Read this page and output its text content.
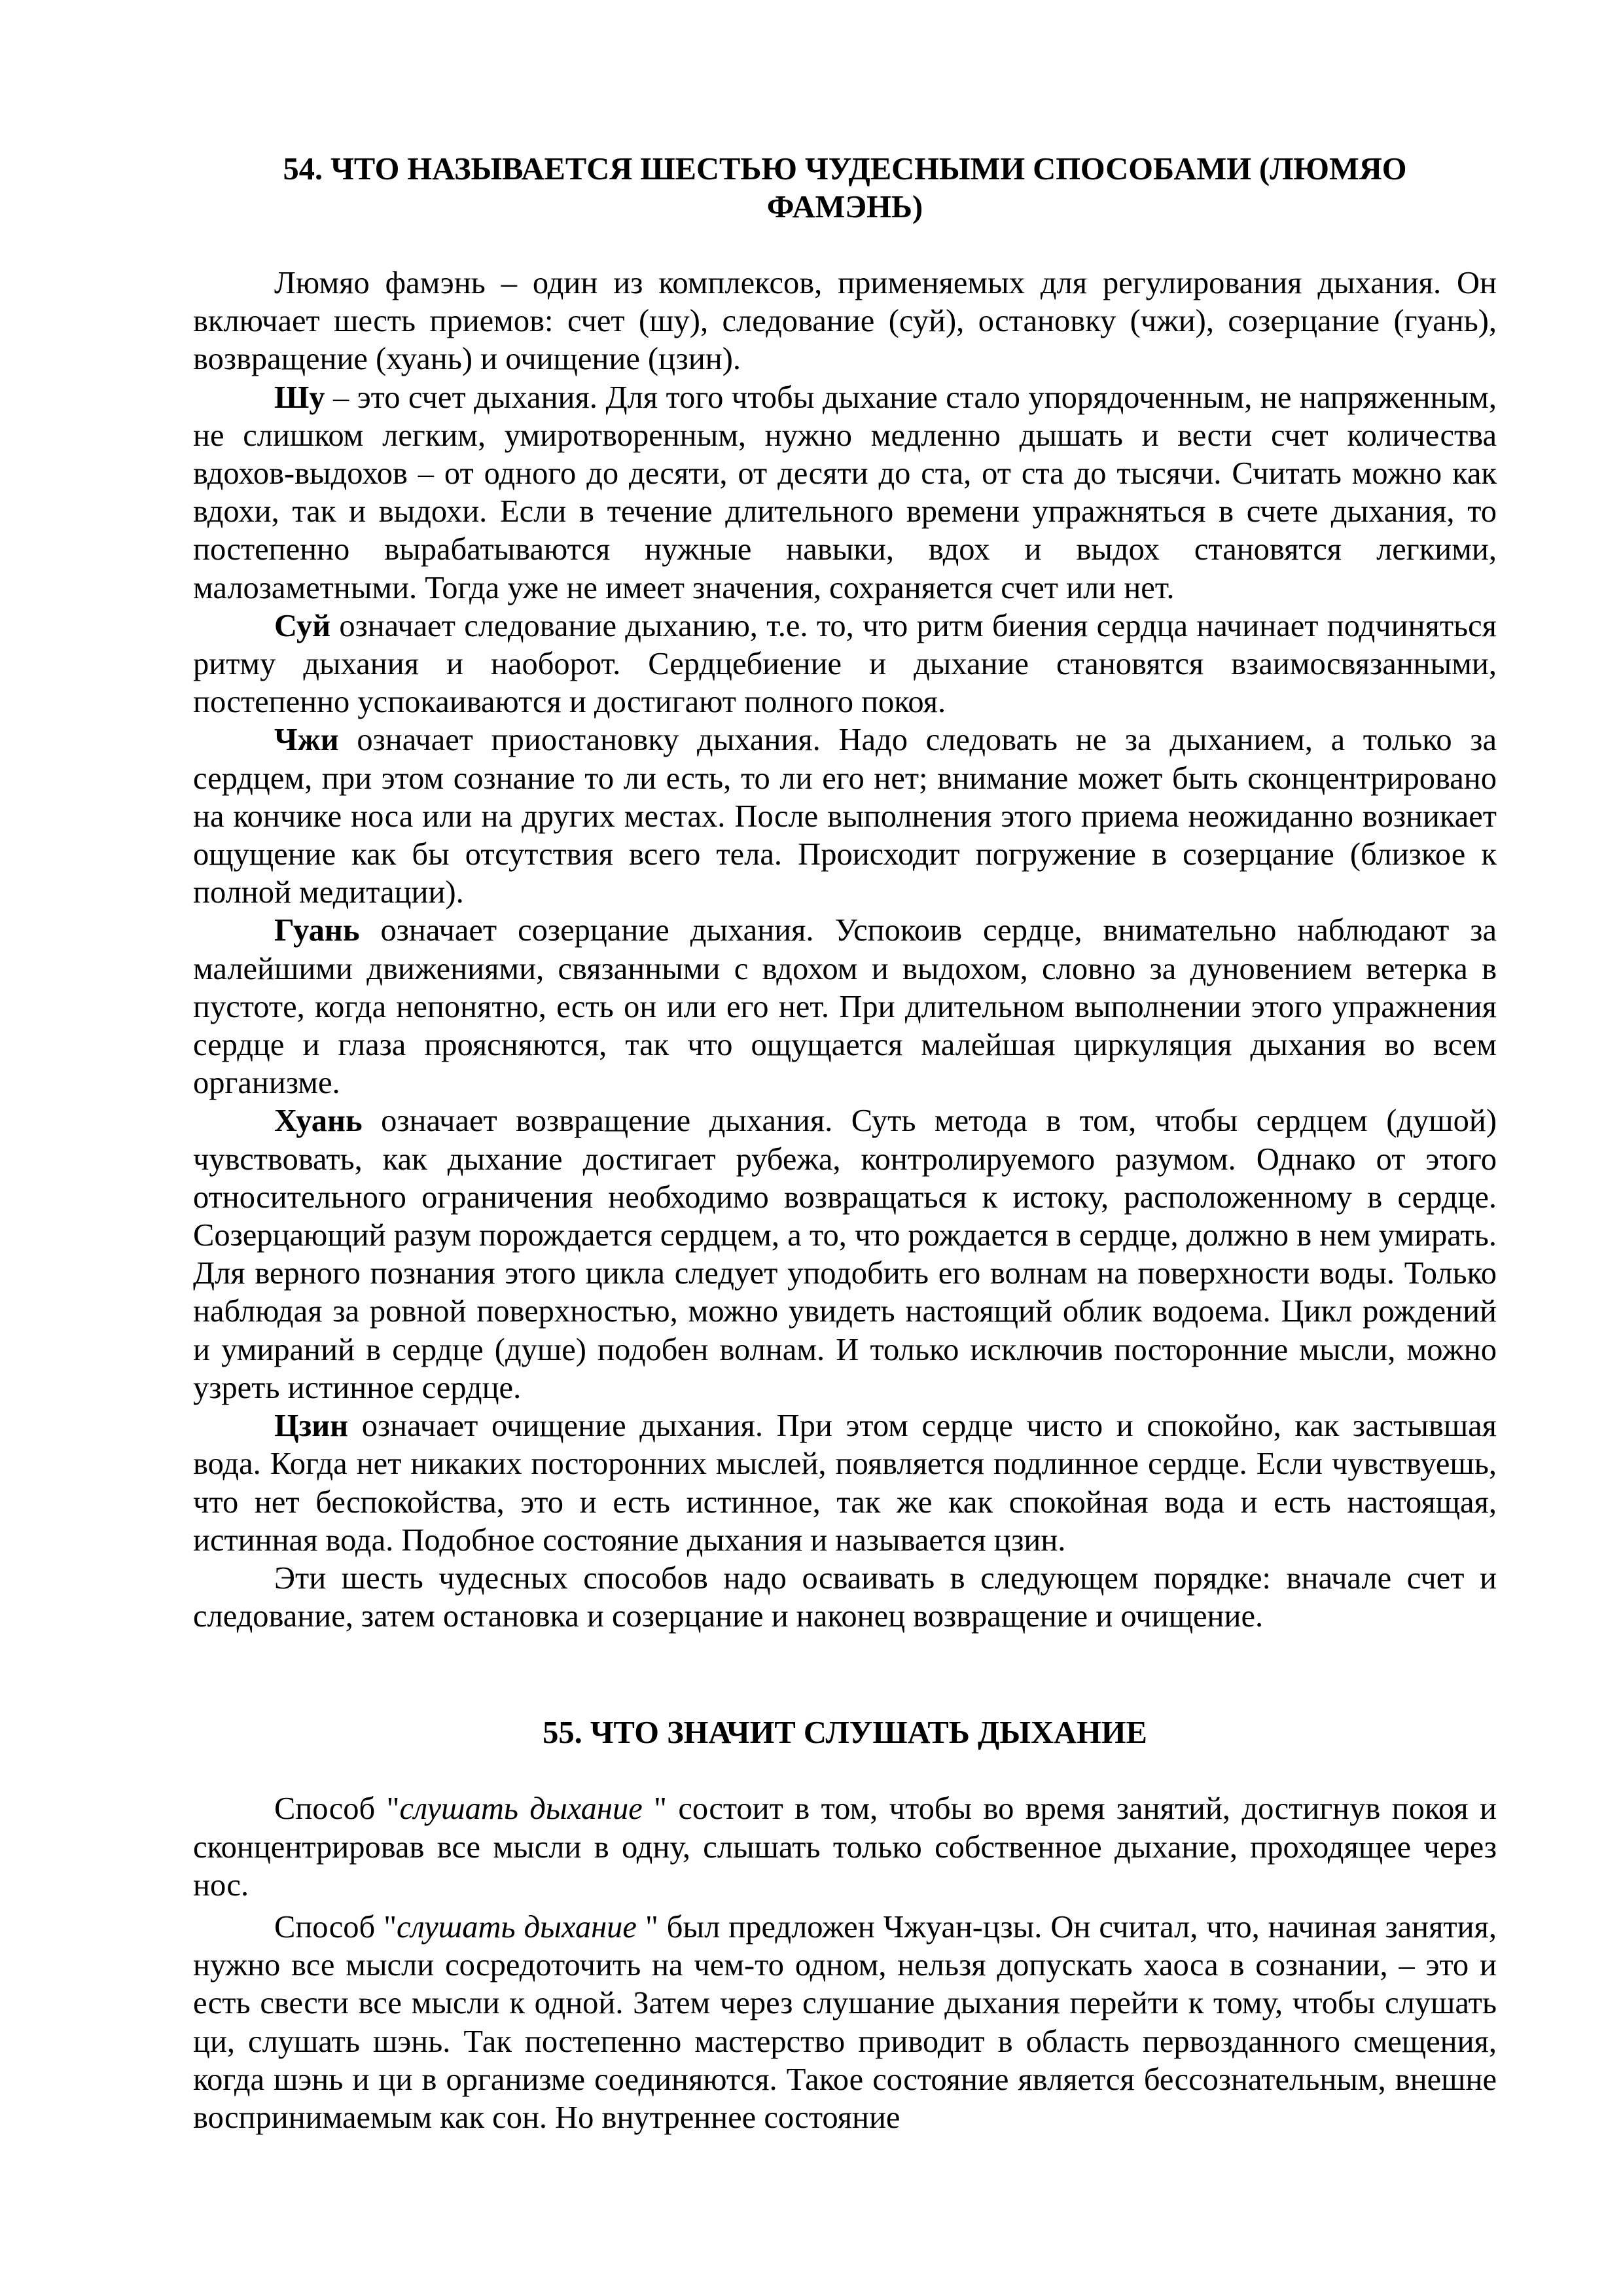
54. ЧТО НАЗЫВАЕТСЯ ШЕСТЬЮ ЧУДЕСНЫМИ СПОСОБАМИ (ЛЮМЯО ФАМЭНЬ)

Люмяо фамэнь – один из комплексов, применяемых для регулирования дыхания. Он включает шесть приемов: счет (шу), следование (суй), остановку (чжи), созерцание (гуань), возвращение (хуань) и очищение (цзин).

Шу – это счет дыхания. Для того чтобы дыхание стало упорядоченным, не напряженным, не слишком легким, умиротворенным, нужно медленно дышать и вести счет количества вдохов-выдохов – от одного до десяти, от десяти до ста, от ста до тысячи. Считать можно как вдохи, так и выдохи. Если в течение длительного времени упражняться в счете дыхания, то постепенно вырабатываются нужные навыки, вдох и выдох становятся легкими, малозаметными. Тогда уже не имеет значения, сохраняется счет или нет.

Суй означает следование дыханию, т.е. то, что ритм биения сердца начинает подчиняться ритму дыхания и наоборот. Сердцебиение и дыхание становятся взаимосвязанными, постепенно успокаиваются и достигают полного покоя.

Чжи означает приостановку дыхания. Надо следовать не за дыханием, а только за сердцем, при этом сознание то ли есть, то ли его нет; внимание может быть сконцентрировано на кончике носа или на других местах. После выполнения этого приема неожиданно возникает ощущение как бы отсутствия всего тела. Происходит погружение в созерцание (близкое к полной медитации).

Гуань означает созерцание дыхания. Успокоив сердце, внимательно наблюдают за малейшими движениями, связанными с вдохом и выдохом, словно за дуновением ветерка в пустоте, когда непонятно, есть он или его нет. При длительном выполнении этого упражнения сердце и глаза проясняются, так что ощущается малейшая циркуляция дыхания во всем организме.

Хуань означает возвращение дыхания. Суть метода в том, чтобы сердцем (душой) чувствовать, как дыхание достигает рубежа, контролируемого разумом. Однако от этого относительного ограничения необходимо возвращаться к истоку, расположенному в сердце. Созерцающий разум порождается сердцем, а то, что рождается в сердце, должно в нем умирать. Для верного познания этого цикла следует уподобить его волнам на поверхности воды. Только наблюдая за ровной поверхностью, можно увидеть настоящий облик водоема. Цикл рождений и умираний в сердце (душе) подобен волнам. И только исключив посторонние мысли, можно узреть истинное сердце.

Цзин означает очищение дыхания. При этом сердце чисто и спокойно, как застывшая вода. Когда нет никаких посторонних мыслей, появляется подлинное сердце. Если чувствуешь, что нет беспокойства, это и есть истинное, так же как спокойная вода и есть настоящая, истинная вода. Подобное состояние дыхания и называется цзин.

Эти шесть чудесных способов надо осваивать в следующем порядке: вначале счет и следование, затем остановка и созерцание и наконец возвращение и очищение.

55. ЧТО ЗНАЧИТ СЛУШАТЬ ДЫХАНИЕ

Способ "слушать дыхание " состоит в том, чтобы во время занятий, достигнув покоя и сконцентрировав все мысли в одну, слышать только собственное дыхание, проходящее через нос.

Способ "слушать дыхание " был предложен Чжуан-цзы. Он считал, что, начиная занятия, нужно все мысли сосредоточить на чем-то одном, нельзя допускать хаоса в сознании, – это и есть свести все мысли к одной. Затем через слушание дыхания перейти к тому, чтобы слушать ци, слушать шэнь. Так постепенно мастерство приводит в область первозданного смещения, когда шэнь и ци в организме соединяются. Такое состояние является бессознательным, внешне воспринимаемым как сон. Но внутреннее состояние
